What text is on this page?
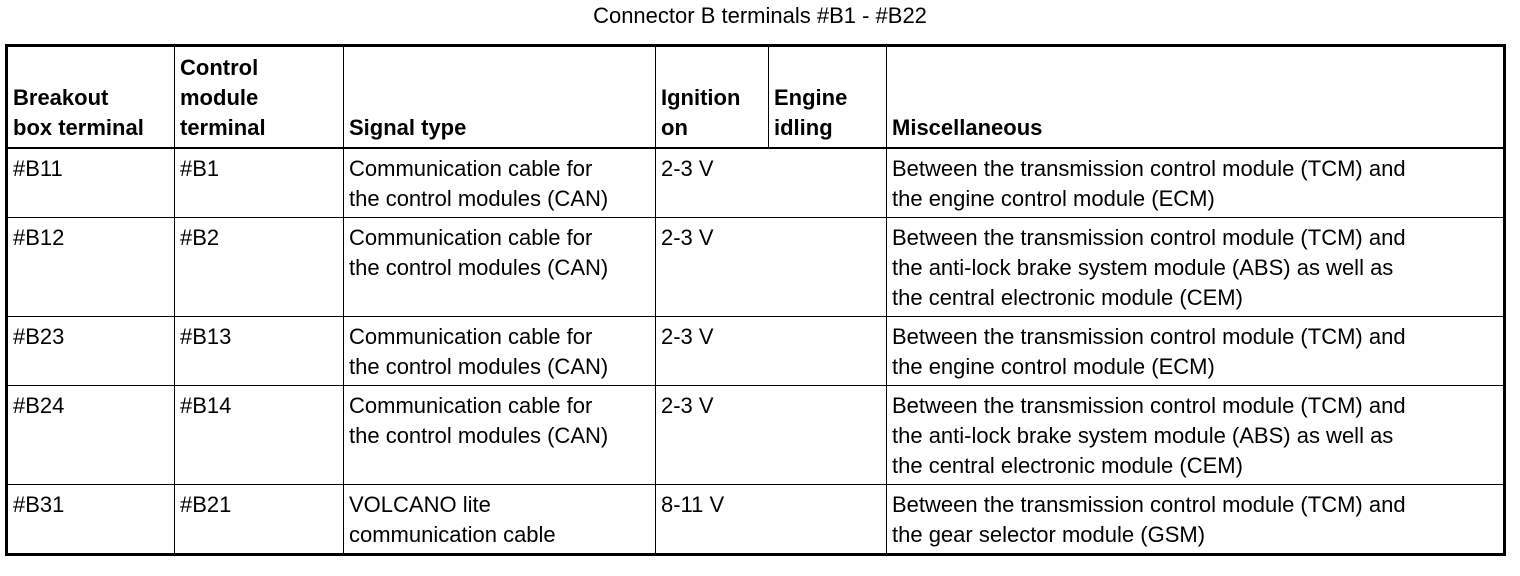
Connector B terminals #B1 - #B22
Breakout
box terminal	Control
module
terminal	Signal type	Ignition
on	Engine
idling	Miscellaneous
#B11	#B1	Communication cable for
the control modules (CAN)	2-3 V		Between the transmission control module (TCM) and
the engine control module (ECM)
#B12	#B2	Communication cable for
the control modules (CAN)	2-3 V		Between the transmission control module (TCM) and
the anti-lock brake system module (ABS) as well as
the central electronic module (CEM)
#B23	#B13	Communication cable for
the control modules (CAN)	2-3 V		Between the transmission control module (TCM) and
the engine control module (ECM)
#B24	#B14	Communication cable for
the control modules (CAN)	2-3 V		Between the transmission control module (TCM) and
the anti-lock brake system module (ABS) as well as
the central electronic module (CEM)
#B31	#B21	VOLCANO lite
communication cable	8-11 V		Between the transmission control module (TCM) and
the gear selector module (GSM)
